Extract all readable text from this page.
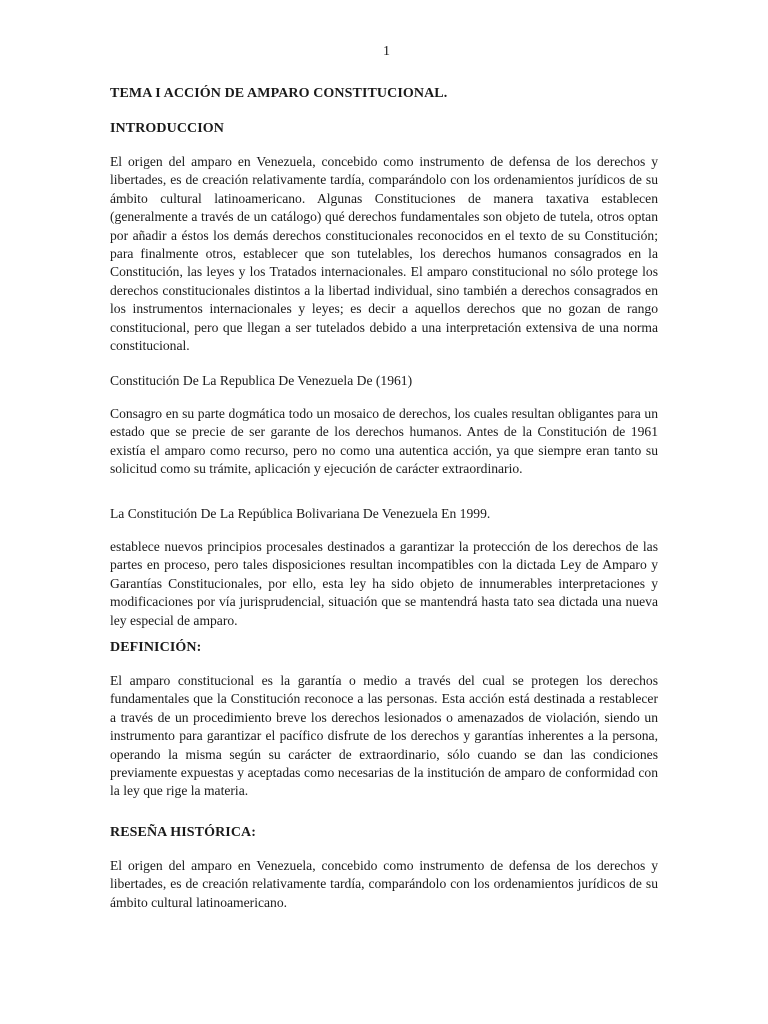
1

TEMA I ACCIÓN DE AMPARO CONSTITUCIONAL.
INTRODUCCION

El origen del amparo en Venezuela, concebido como instrumento de defensa de los derechos y libertades, es de creación relativamente tardía, comparándolo con los ordenamientos jurídicos de su ámbito cultural latinoamericano. Algunas Constituciones de manera taxativa establecen (generalmente a través de un catálogo) qué derechos fundamentales son objeto de tutela, otros optan por añadir a éstos los demás derechos constitucionales reconocidos en el texto de su Constitución; para finalmente otros, establecer que son tutelables, los derechos humanos consagrados en la Constitución, las leyes y los Tratados internacionales. El amparo constitucional no sólo protege los derechos constitucionales distintos a la libertad individual, sino también a derechos consagrados en los instrumentos internacionales y leyes; es decir a aquellos derechos que no gozan de rango constitucional, pero que llegan a ser tutelados debido a una interpretación extensiva de una norma constitucional.

Constitución De La Republica De Venezuela De (1961)

Consagro en su parte dogmática todo un mosaico de derechos, los cuales resultan obligantes para un estado que se precie de ser garante de los derechos humanos. Antes de la Constitución de 1961 existía el amparo como recurso, pero no como una autentica acción, ya que siempre eran tanto su solicitud como su trámite, aplicación y ejecución de carácter extraordinario.

La Constitución De La República Bolivariana De Venezuela En 1999.

establece nuevos principios procesales destinados a garantizar la protección de los derechos de las partes en proceso, pero tales disposiciones resultan incompatibles con la dictada Ley de Amparo y Garantías Constitucionales, por ello, esta ley ha sido objeto de innumerables interpretaciones y modificaciones por vía jurisprudencial, situación que se mantendrá hasta tato sea dictada una nueva ley especial de amparo.

DEFINICIÓN:

El amparo constitucional es la garantía o medio a través del cual se protegen los derechos fundamentales que la Constitución reconoce a las personas. Esta acción está destinada a restablecer a través de un procedimiento breve los derechos lesionados o amenazados de violación, siendo un instrumento para garantizar el pacífico disfrute de los derechos y garantías inherentes a la persona, operando la misma según su carácter de extraordinario, sólo cuando se dan las condiciones previamente expuestas y aceptadas como necesarias de la institución de amparo de conformidad con la ley que rige la materia.

RESEÑA HISTÓRICA:

El origen del amparo en Venezuela, concebido como instrumento de defensa de los derechos y libertades, es de creación relativamente tardía, comparándolo con los ordenamientos jurídicos de su ámbito cultural latinoamericano.
